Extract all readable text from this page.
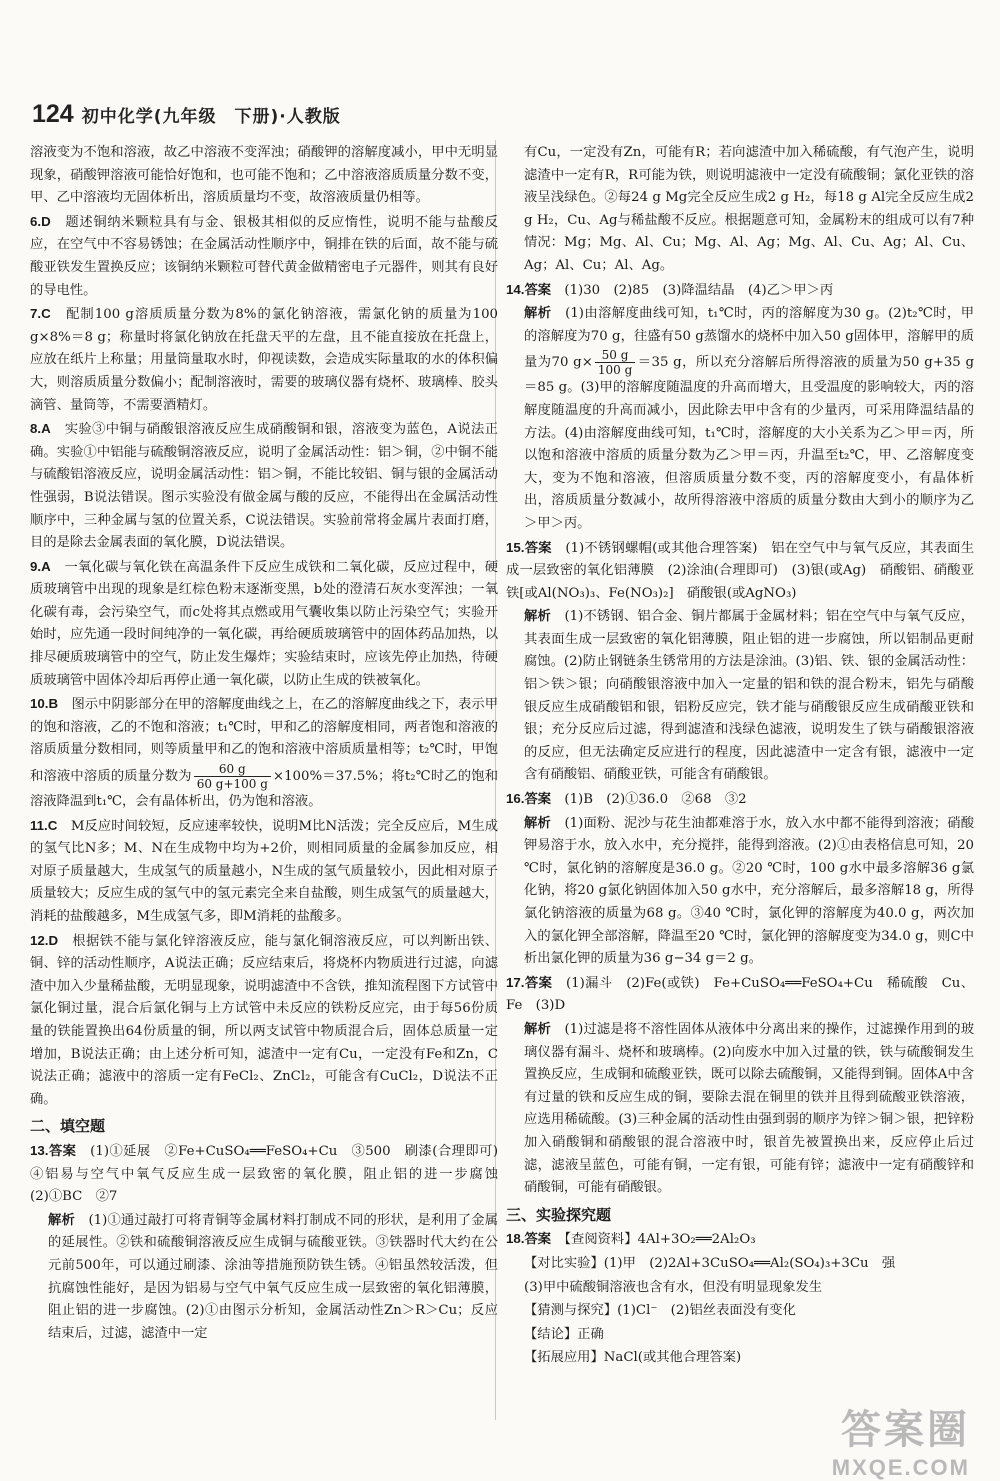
124 初中化学(九年级　下册)·人教版

溶液变为不饱和溶液，故乙中溶液不变浑浊；硝酸钾的溶解度减小，甲中无明显现象，硝酸钾溶液可能恰好饱和，也可能不饱和；乙中溶液溶质质量分数不变，甲、乙中溶液均无固体析出，溶质质量均不变，故溶液质量仍相等。

6.D　 题述铜纳米颗粒具有与金、银极其相似的反应惰性，说明不能与盐酸反应，在空气中不容易锈蚀；在金属活动性顺序中，铜排在铁的后面，故不能与硫酸亚铁发生置换反应；该铜纳米颗粒可替代黄金做精密电子元器件，则其有良好的导电性。

7.C　 配制100 g溶质质量分数为8%的氯化钠溶液，需氯化钠的质量为100 g×8%＝8 g；称量时将氯化钠放在托盘天平的左盘，且不能直接放在托盘上，应放在纸片上称量；用量筒量取水时，仰视读数，会造成实际量取的水的体积偏大，则溶质质量分数偏小；配制溶液时，需要的玻璃仪器有烧杯、玻璃棒、胶头滴管、量筒等，不需要酒精灯。

8.A　 实验③中铜与硝酸银溶液反应生成硝酸铜和银，溶液变为蓝色，A说法正确。实验①中铝能与硫酸铜溶液反应，说明了金属活动性：铝＞铜，②中铜不能与硫酸铝溶液反应，说明金属活动性：铝＞铜，不能比较铝、铜与银的金属活动性强弱，B说法错误。图示实验没有做金属与酸的反应，不能得出在金属活动性顺序中，三种金属与氢的位置关系，C说法错误。实验前常将金属片表面打磨，目的是除去金属表面的氧化膜，D说法错误。

9.A　 一氧化碳与氧化铁在高温条件下反应生成铁和二氧化碳，反应过程中，硬质玻璃管中出现的现象是红棕色粉末逐渐变黑，b处的澄清石灰水变浑浊；一氧化碳有毒，会污染空气，而c处将其点燃或用气囊收集以防止污染空气；实验开始时，应先通一段时间纯净的一氧化碳，再给硬质玻璃管中的固体药品加热，以排尽硬质玻璃管中的空气，防止发生爆炸；实验结束时，应该先停止加热，待硬质玻璃管中固体冷却后再停止通一氧化碳，以防止生成的铁被氧化。

10.B　 图示中阴影部分在甲的溶解度曲线之上，在乙的溶解度曲线之下，表示甲的饱和溶液，乙的不饱和溶液；t₁℃时，甲和乙的溶解度相同，两者饱和溶液的溶质质量分数相同，则等质量甲和乙的饱和溶液中溶质质量相等；t₂℃时，甲饱和溶液中溶质的质量分数为 $\frac{60 g}{60 g+100 g} \times 100\%=37.5\%$；将t₂℃时乙的饱和溶液降温到t₁℃，会有晶体析出，仍为饱和溶液。

11.C　 M反应时间较短，反应速率较快，说明M比N活泼；完全反应后，M生成的氢气比N多；M、N在生成物中均为+2价，则相同质量的金属参加反应，相对原子质量越大，生成氢气的质量越小，N生成的氢气质量较小，因此相对原子质量较大；反应生成的氢气中的氢元素完全来自盐酸，则生成氢气的质量越大，消耗的盐酸越多，M生成氢气多，即M消耗的盐酸多。

12.D　 根据铁不能与氯化锌溶液反应，能与氯化铜溶液反应，可以判断出铁、铜、锌的活动性顺序，A说法正确；反应结束后，将烧杯内物质进行过滤，向滤渣中加入少量稀盐酸，无明显现象，说明滤渣中不含铁，推知流程图下方试管中氯化铜过量，混合后氯化铜与上方试管中未反应的铁粉反应完，由于每56份质量的铁能置换出64份质量的铜，所以两支试管中物质混合后，固体总质量一定增加，B说法正确；由上述分析可知，滤渣中一定有Cu，一定没有Fe和Zn，C说法正确；滤液中的溶质一定有FeCl₂、ZnCl₂，可能含有CuCl₂，D说法不正确。

二、填空题

13.答案　 (1)①延展　②Fe+CuSO₄══FeSO₄+Cu　③500　刷漆(合理即可)　④铝易与空气中氧气反应生成一层致密的氧化膜，阻止铝的进一步腐蚀　(2)①BC　②7

解析　 (1)①通过敲打可将青铜等金属材料打制成不同的形状，是利用了金属的延展性。②铁和硫酸铜溶液反应生成铜与硫酸亚铁。③铁器时代大约在公元前500年，可以通过刷漆、涂油等措施预防铁生锈。④铝虽然较活泼，但抗腐蚀性能好，是因为铝易与空气中氧气反应生成一层致密的氧化铝薄膜，阻止铝的进一步腐蚀。(2)①由图示分析知，金属活动性Zn＞R＞Cu；反应结束后，过滤，滤渣中一定

有Cu，一定没有Zn，可能有R；若向滤渣中加入稀硫酸，有气泡产生，说明滤渣中一定有R，R可能为铁，则说明滤液中一定没有硫酸铜；氯化亚铁的溶液呈浅绿色。②每24 g Mg完全反应生成2 g H₂，每18 g Al完全反应生成2 g H₂，Cu、Ag与稀盐酸不反应。根据题意可知，金属粉末的组成可以有7种情况：Mg；Mg、Al、Cu；Mg、Al、Ag；Mg、Al、Cu、Ag；Al、Cu、Ag；Al、Cu；Al、Ag。

14.答案　 (1)30　(2)85　(3)降温结晶　(4)乙＞甲＞丙

解析　 (1)由溶解度曲线可知，t₁℃时，丙的溶解度为30 g。(2)t₂℃时，甲的溶解度为70 g，往盛有50 g蒸馏水的烧杯中加入50 g固体甲，溶解甲的质量为70 $g\times \frac{50 g}{100 g} =35$ g，所以充分溶解后所得溶液的质量为50 g+35 g＝85 g。(3)甲的溶解度随温度的升高而增大，且受温度的影响较大，丙的溶解度随温度的升高而减小，因此除去甲中含有的少量丙，可采用降温结晶的方法。(4)由溶解度曲线可知，t₁℃时，溶解度的大小关系为乙＞甲＝丙，所以饱和溶液中溶质的质量分数为乙＞甲＝丙，升温至t₂℃，甲、乙溶解度变大，变为不饱和溶液，但溶质质量分数不变，丙的溶解度变小，有晶体析出，溶质质量分数减小，故所得溶液中溶质的质量分数由大到小的顺序为乙＞甲＞丙。

15.答案　 (1)不锈钢螺帽(或其他合理答案)　铝在空气中与氧气反应，其表面生成一层致密的氧化铝薄膜　(2)涂油(合理即可)　(3)银(或Ag)　硝酸铝、硝酸亚铁[或Al(NO₃)₃、Fe(NO₃)₂]　硝酸银(或AgNO₃)

解析　 (1)不锈钢、铝合金、铜片都属于金属材料；铝在空气中与氧气反应，其表面生成一层致密的氧化铝薄膜，阻止铝的进一步腐蚀，所以铝制品更耐腐蚀。(2)防止钢链条生锈常用的方法是涂油。(3)铝、铁、银的金属活动性：铝＞铁＞银；向硝酸银溶液中加入一定量的铝和铁的混合粉末，铝先与硝酸银反应生成硝酸铝和银，铝粉反应完，铁才能与硝酸银反应生成硝酸亚铁和银；充分反应后过滤，得到滤渣和浅绿色滤液，说明发生了铁与硝酸银溶液的反应，但无法确定反应进行的程度，因此滤渣中一定含有银，滤液中一定含有硝酸铝、硝酸亚铁，可能含有硝酸银。

16.答案　 (1)B　(2)①36.0　②68　③2

解析　 (1)面粉、泥沙与花生油都难溶于水，放入水中都不能得到溶液；硝酸钾易溶于水，放入水中，充分搅拌，能得到溶液。(2)①由表格信息可知，20 ℃时，氯化钠的溶解度是36.0 g。②20 ℃时，100 g水中最多溶解36 g氯化钠，将20 g氯化钠固体加入50 g水中，充分溶解后，最多溶解18 g，所得氯化钠溶液的质量为68 g。③40 ℃时，氯化钾的溶解度为40.0 g，两次加入的氯化钾全部溶解，降温至20 ℃时，氯化钾的溶解度变为34.0 g，则C中析出氯化钾的质量为36 g−34 g＝2 g。

17.答案　 (1)漏斗　(2)Fe(或铁)　Fe+CuSO₄══FeSO₄+Cu　稀硫酸　Cu、Fe　(3)D

解析　 (1)过滤是将不溶性固体从液体中分离出来的操作，过滤操作用到的玻璃仪器有漏斗、烧杯和玻璃棒。(2)向废水中加入过量的铁，铁与硫酸铜发生置换反应，生成铜和硫酸亚铁，既可以除去硫酸铜，又能得到铜。固体A中含有过量的铁和反应生成的铜，要除去混在铜里的铁并且得到硫酸亚铁溶液，应选用稀硫酸。(3)三种金属的活动性由强到弱的顺序为锌＞铜＞银，把锌粉加入硝酸铜和硝酸银的混合溶液中时，银首先被置换出来，反应停止后过滤，滤液呈蓝色，可能有铜，一定有银，可能有锌；滤液中一定有硝酸锌和硝酸铜，可能有硝酸银。

三、实验探究题

18.答案　 【查阅资料】4Al+3O₂══2Al₂O₃

【对比实验】(1)甲　(2)2Al+3CuSO₄══Al₂(SO₄)₃+3Cu　强

(3)甲中硫酸铜溶液也含有水，但没有明显现象发生

【猜测与探究】(1)Cl⁻　(2)铝丝表面没有变化

【结论】正确

【拓展应用】NaCl(或其他合理答案)

答案圈
MXQE.COM
